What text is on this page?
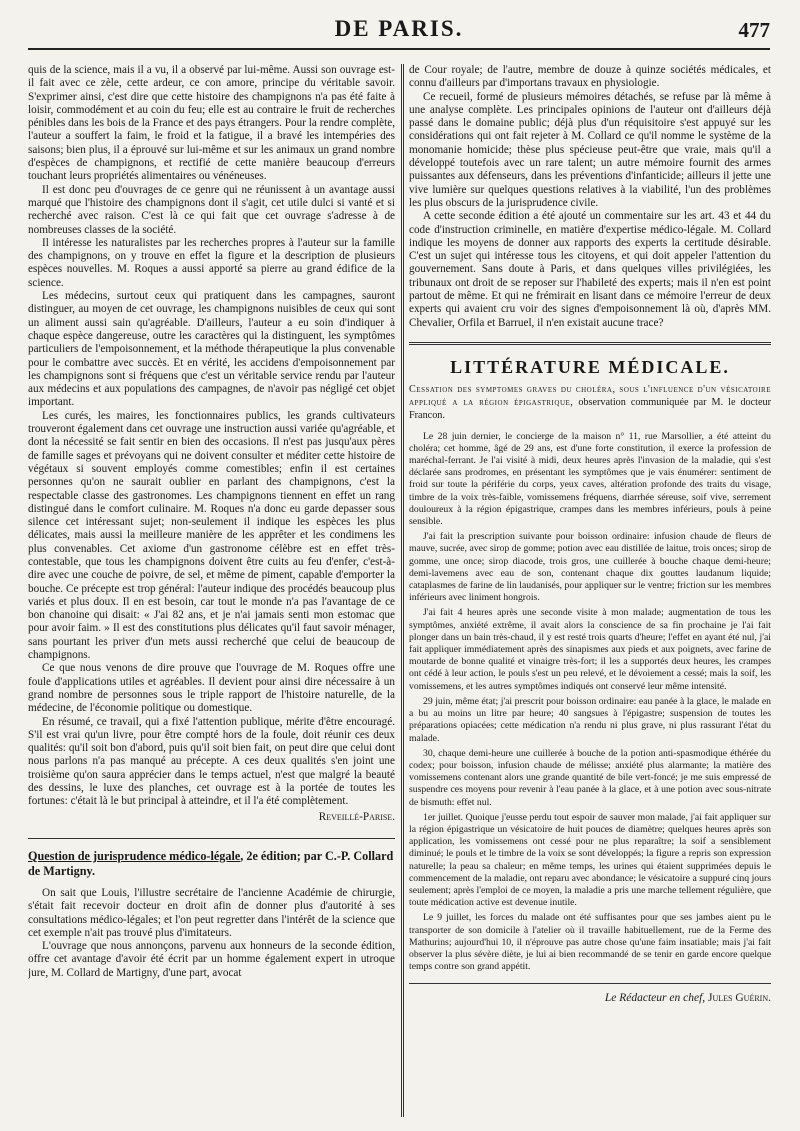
DE PARIS.	477

quis de la science, mais il a vu, il a observé par lui-même. Aussi son ouvrage est-il fait avec ce zèle, cette ardeur, ce con amore, principe du véritable savoir. S'exprimer ainsi, c'est dire que cette histoire des champignons n'a pas été faite à loisir, commodément et au coin du feu; elle est au contraire le fruit de recherches pénibles dans les bois de la France et des pays étrangers. Pour la rendre complète, l'auteur a souffert la faim, le froid et la fatigue, il a bravé les intempéries des saisons; bien plus, il a éprouvé sur lui-même et sur les animaux un grand nombre d'espèces de champignons, et rectifié de cette manière beaucoup d'erreurs touchant leurs propriétés alimentaires ou vénéneuses.

Il est donc peu d'ouvrages de ce genre qui ne réunissent à un avantage aussi marqué que l'histoire des champignons dont il s'agit, cet utile dulci si vanté et si recherché avec raison. C'est là ce qui fait que cet ouvrage s'adresse à de nombreuses classes de la société.

Il intéresse les naturalistes par les recherches propres à l'auteur sur la famille des champignons, on y trouve en effet la figure et la description de plusieurs espèces nouvelles. M. Roques a aussi apporté sa pierre au grand édifice de la science.

Les médecins, surtout ceux qui pratiquent dans les campagnes, sauront distinguer, au moyen de cet ouvrage, les champignons nuisibles de ceux qui sont un aliment aussi sain qu'agréable. D'ailleurs, l'auteur a eu soin d'indiquer à chaque espèce dangereuse, outre les caractères qui la distinguent, les symptômes particuliers de l'empoisonnement, et la méthode thérapeutique la plus convenable pour le combattre avec succès. Et en vérité, les accidens d'empoisonnement par les champignons sont si fréquens que c'est un véritable service rendu par l'auteur aux médecins et aux populations des campagnes, de n'avoir pas négligé cet objet important.

Les curés, les maires, les fonctionnaires publics, les grands cultivateurs trouveront également dans cet ouvrage une instruction aussi variée qu'agréable, et dont la nécessité se fait sentir en bien des occasions. Il n'est pas jusqu'aux pères de famille sages et prévoyans qui ne doivent consulter et méditer cette histoire de végétaux si souvent employés comme comestibles; enfin il est certaines personnes qu'on ne saurait oublier en parlant des champignons, c'est la respectable classe des gastronomes. Les champignons tiennent en effet un rang distingué dans le comfort culinaire. M. Roques n'a donc eu garde depasser sous silence cet intéressant sujet; non-seulement il indique les espèces les plus délicates, mais aussi la meilleure manière de les apprêter et les condimens les plus convenables. Cet axiome d'un gastronome célèbre est en effet très-contestable, que tous les champignons doivent être cuits au feu d'enfer, c'est-à-dire avec une couche de poivre, de sel, et même de piment, capable d'emporter la bouche. Ce précepte est trop général: l'auteur indique des procédés beaucoup plus variés et plus doux. Il en est besoin, car tout le monde n'a pas l'avantage de ce bon chanoine qui disait: « J'ai 82 ans, et je n'ai jamais senti mon estomac que pour avoir faim. » Il est des constitutions plus délicates qu'il faut savoir ménager, sans pourtant les priver d'un mets aussi recherché que celui de beaucoup de champignons.

Ce que nous venons de dire prouve que l'ouvrage de M. Roques offre une foule d'applications utiles et agréables. Il devient pour ainsi dire nécessaire à un grand nombre de personnes sous le triple rapport de l'histoire naturelle, de la médecine, de l'économie politique ou domestique.

En résumé, ce travail, qui a fixé l'attention publique, mérite d'être encouragé. S'il est vrai qu'un livre, pour être compté hors de la foule, doit réunir ces deux qualités: qu'il soit bon d'abord, puis qu'il soit bien fait, on peut dire que celui dont nous parlons n'a pas manqué au précepte. A ces deux qualités s'en joint une troisième qu'on saura apprécier dans le temps actuel, n'est que malgré la beauté des dessins, le luxe des planches, cet ouvrage est à la portée de toutes les fortunes: c'était là le but principal à atteindre, et il l'a été complètement.

Reveillé-Parise.

Question de jurisprudence médico-légale, 2e édition; par C.-P. Collard de Martigny.

On sait que Louis, l'illustre secrétaire de l'ancienne Académie de chirurgie, s'était fait recevoir docteur en droit afin de donner plus d'autorité à ses consultations médico-légales; et l'on peut regretter dans l'intérêt de la science que cet exemple n'ait pas trouvé plus d'imitateurs.

L'ouvrage que nous annonçons, parvenu aux honneurs de la seconde édition, offre cet avantage d'avoir été écrit par un homme également expert in utroque jure, M. Collard de Martigny, d'une part, avocat

de Cour royale; de l'autre, membre de douze à quinze sociétés médicales, et connu d'ailleurs par d'importans travaux en physiologie.

Ce recueil, formé de plusieurs mémoires détachés, se refuse par là même à une analyse complète. Les principales opinions de l'auteur ont d'ailleurs déjà passé dans le domaine public; déjà plus d'un réquisitoire s'est appuyé sur les considérations qui ont fait rejeter à M. Collard ce qu'il nomme le système de la monomanie homicide; thèse plus spécieuse peut-être que vraie, mais qu'il a développé toutefois avec un rare talent; un autre mémoire fournit des armes puissantes aux défenseurs, dans les préventions d'infanticide; ailleurs il jette une vive lumière sur quelques questions relatives à la viabilité, l'un des problèmes les plus obscurs de la jurisprudence civile.

A cette seconde édition a été ajouté un commentaire sur les art. 43 et 44 du code d'instruction criminelle, en matière d'expertise médico-légale. M. Collard indique les moyens de donner aux rapports des experts la certitude désirable. C'est un sujet qui intéresse tous les citoyens, et qui doit appeler l'attention du gouvernement. Sans doute à Paris, et dans quelques villes privilégiées, les tribunaux ont droit de se reposer sur l'habileté des experts; mais il n'en est point partout de même. Et qui ne frémirait en lisant dans ce mémoire l'erreur de deux experts qui avaient cru voir des signes d'empoisonnement là où, d'après MM. Chevalier, Orfila et Barruel, il n'en existait aucune trace?

LITTÉRATURE MÉDICALE.

Cessation des symptomes graves du choléra, sous l'influence d'un vésicatoire appliqué a la région épigastrique, observation communiquée par M. le docteur Francon.

Le 28 juin dernier, le concierge de la maison n° 11, rue Marsollier, a été atteint du choléra; cet homme, âgé de 29 ans, est d'une forte constitution, il exerce la profession de maréchal-ferrant. Je l'ai visité à midi, deux heures après l'invasion de la maladie, qui s'est déclarée sans prodromes, en présentant les symptômes que je vais énumérer: sentiment de froid sur toute la périférie du corps, yeux caves, altération profonde des traits du visage, timbre de la voix très-faible, vomissemens fréquens, diarrhée séreuse, soif vive, serrement douloureux à la région épigastrique, crampes dans les membres inférieurs, pouls à peine sensible.

J'ai fait la prescription suivante pour boisson ordinaire: infusion chaude de fleurs de mauve, sucrée, avec sirop de gomme; potion avec eau distillée de laitue, trois onces; sirop de gomme, une once; sirop diacode, trois gros, une cuillerée à bouche chaque demi-heure; demi-lavemens avec eau de son, contenant chaque dix gouttes laudanum liquide; cataplasmes de farine de lin laudanisés, pour appliquer sur le ventre; friction sur les membres inférieurs avec liniment hongrois.

J'ai fait 4 heures après une seconde visite à mon malade; augmentation de tous les symptômes, anxiété extrême, il avait alors la conscience de sa fin prochaine je l'ai fait plonger dans un bain très-chaud, il y est resté trois quarts d'heure; l'effet en ayant été nul, j'ai fait appliquer immédiatement après des sinapismes aux pieds et aux poignets, avec farine de moutarde de bonne qualité et vinaigre très-fort; il les a supportés deux heures, les crampes ont cédé à leur action, le pouls s'est un peu relevé, et le dévoiement a cessé; mais la soif, les vomissemens, et les autres symptômes indiqués ont conservé leur même intensité.

29 juin, même état; j'ai prescrit pour boisson ordinaire: eau panée à la glace, le malade en a bu au moins un litre par heure; 40 sangsues à l'épigastre; suspension de toutes les préparations opiacées; cette médication n'a rendu ni plus grave, ni plus rassurant l'état du malade.

30, chaque demi-heure une cuillerée à bouche de la potion anti-spasmodique éthérée du codex; pour boisson, infusion chaude de mélisse; anxiété plus alarmante; la matière des vomissemens contenant alors une grande quantité de bile vert-foncé; je me suis empressé de suspendre ces moyens pour revenir à l'eau panée à la glace, et à une potion avec sous-nitrate de bismuth: effet nul.

1er juillet. Quoique j'eusse perdu tout espoir de sauver mon malade, j'ai fait appliquer sur la région épigastrique un vésicatoire de huit pouces de diamètre; quelques heures après son application, les vomissemens ont cessé pour ne plus reparaître; la soif a sensiblement diminué; le pouls et le timbre de la voix se sont développés; la figure a repris son expression naturelle; la peau sa chaleur; en même temps, les urines qui étaient supprimées depuis le commencement de la maladie, ont reparu avec abondance; le vésicatoire a suppuré cinq jours seulement; après l'emploi de ce moyen, la maladie a pris une marche tellement régulière, que toute médication active est devenue inutile.

Le 9 juillet, les forces du malade ont été suffisantes pour que ses jambes aient pu le transporter de son domicile à l'atelier où il travaille habituellement, rue de la Ferme des Mathurins; aujourd'hui 10, il n'éprouve pas autre chose qu'une faim insatiable; mais j'ai fait observer la plus sévère diète, je lui ai bien recommandé de se tenir en garde encore quelque temps contre son grand appétit.

Le Rédacteur en chef, Jules Guérin.
